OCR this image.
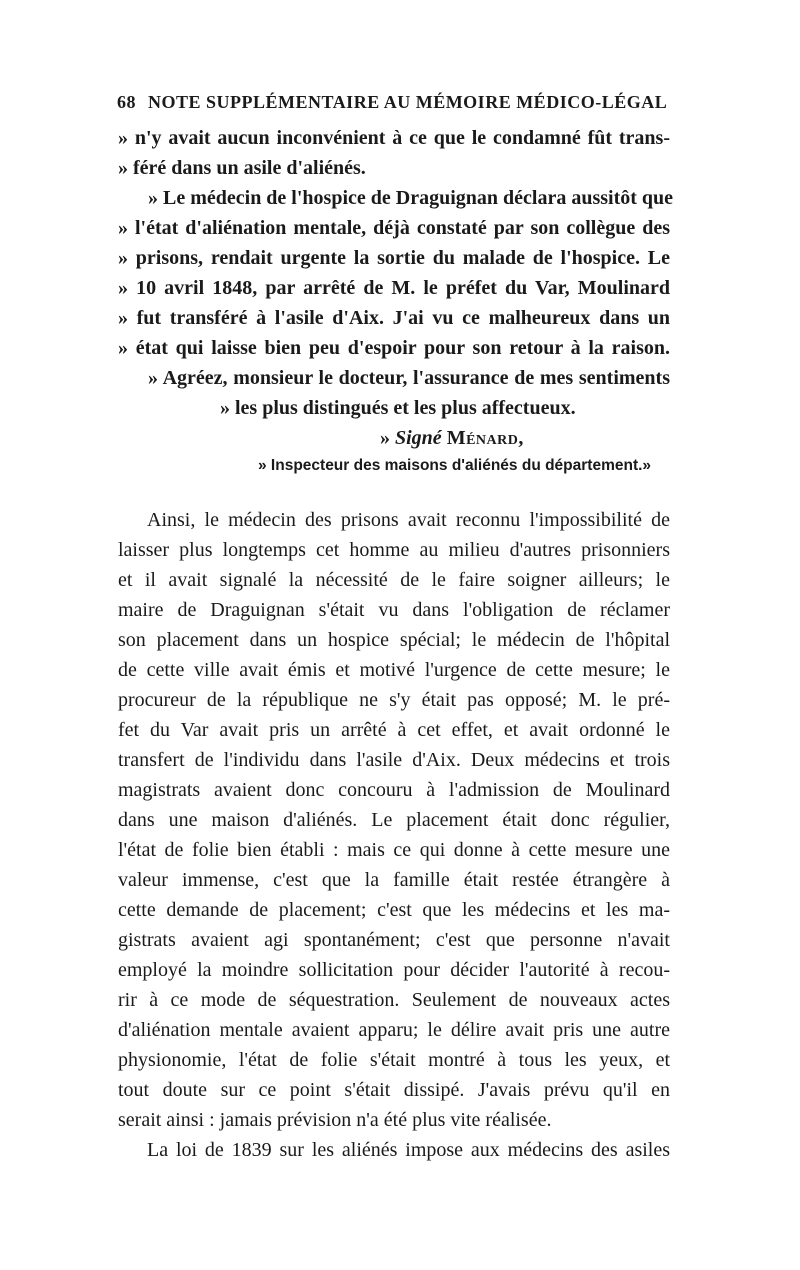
68 NOTE SUPPLÉMENTAIRE AU MÉMOIRE MÉDICO-LÉGAL
» n'y avait aucun inconvénient à ce que le condamné fût trans-
» féré dans un asile d'aliénés.
» Le médecin de l'hospice de Draguignan déclara aussitôt que
» l'état d'aliénation mentale, déjà constaté par son collègue des
» prisons, rendait urgente la sortie du malade de l'hospice. Le
» 10 avril 1848, par arrêté de M. le préfet du Var, Moulinard
» fut transféré à l'asile d'Aix. J'ai vu ce malheureux dans un
» état qui laisse bien peu d'espoir pour son retour à la raison.
» Agréez, monsieur le docteur, l'assurance de mes sentiments
» les plus distingués et les plus affectueux.
» Signé Ménard,
» Inspecteur des maisons d'aliénés du département.»
Ainsi, le médecin des prisons avait reconnu l'impossibilité de
laisser plus longtemps cet homme au milieu d'autres prisonniers
et il avait signalé la nécessité de le faire soigner ailleurs; le
maire de Draguignan s'était vu dans l'obligation de réclamer
son placement dans un hospice spécial; le médecin de l'hôpital
de cette ville avait émis et motivé l'urgence de cette mesure; le
procureur de la république ne s'y était pas opposé; M. le pré-
fet du Var avait pris un arrêté à cet effet, et avait ordonné le
transfert de l'individu dans l'asile d'Aix. Deux médecins et trois
magistrats avaient donc concouru à l'admission de Moulinard
dans une maison d'aliénés. Le placement était donc régulier,
l'état de folie bien établi : mais ce qui donne à cette mesure une
valeur immense, c'est que la famille était restée étrangère à
cette demande de placement; c'est que les médecins et les ma-
gistrats avaient agi spontanément; c'est que personne n'avait
employé la moindre sollicitation pour décider l'autorité à recou-
rir à ce mode de séquestration. Seulement de nouveaux actes
d'aliénation mentale avaient apparu; le délire avait pris une autre
physionomie, l'état de folie s'était montré à tous les yeux, et
tout doute sur ce point s'était dissipé. J'avais prévu qu'il en
serait ainsi : jamais prévision n'a été plus vite réalisée.
La loi de 1839 sur les aliénés impose aux médecins des asiles
